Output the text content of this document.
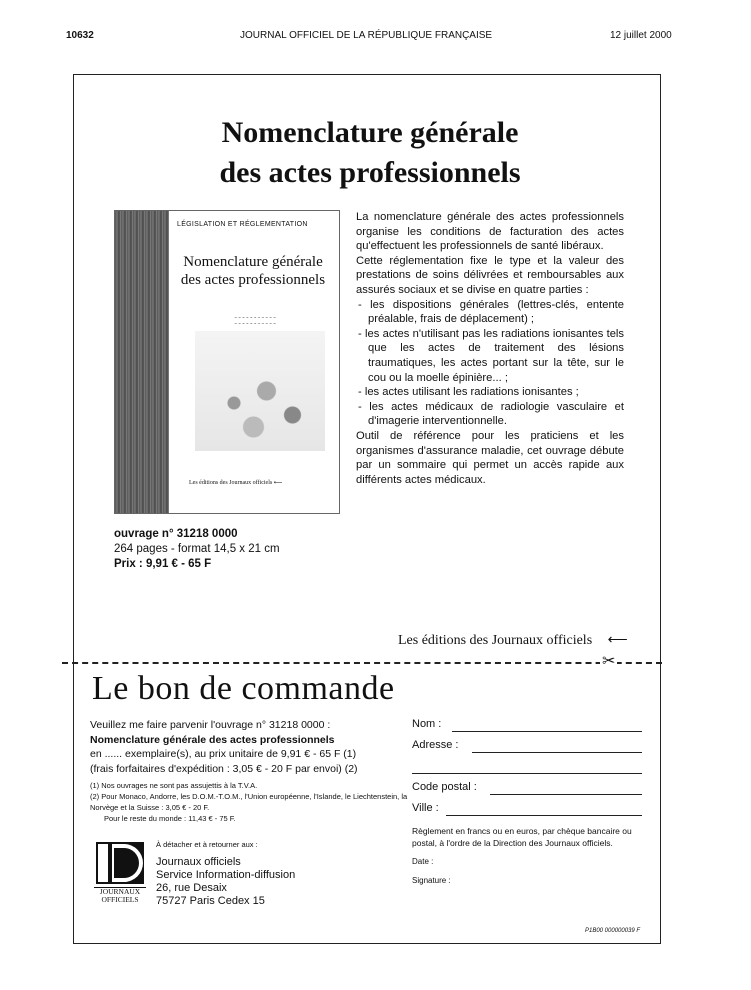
10632	JOURNAL OFFICIEL DE LA RÉPUBLIQUE FRANÇAISE	12 juillet 2000
Nomenclature générale
des actes professionnels
LÉGISLATION ET RÉGLEMENTATION
Nomenclature générale des actes professionnels
~ ~ ~ ~ ~ ~ ~ ~ ~ ~ ~
~ ~ ~ ~ ~ ~ ~ ~ ~ ~ ~
Les éditions des Journaux officiels ⟵

La nomenclature générale des actes professionnels organise les conditions de facturation des actes qu'effectuent les professionnels de santé libéraux.

Cette réglementation fixe le type et la valeur des prestations de soins délivrées et remboursables aux assurés sociaux et se divise en quatre parties :

- les dispositions générales (lettres-clés, entente préalable, frais de déplacement) ;

- les actes n'utilisant pas les radiations ionisantes tels que les actes de traitement des lésions traumatiques, les actes portant sur la tête, sur le cou ou la moelle épinière... ;

- les actes utilisant les radiations ionisantes ;

- les actes médicaux de radiologie vasculaire et d'imagerie interventionnelle.

Outil de référence pour les praticiens et les organismes d'assurance maladie, cet ouvrage débute par un sommaire qui permet un accès rapide aux différents actes médicaux.

ouvrage n° 31218 0000
264 pages - format 14,5 x 21 cm
Prix : 9,91 € - 65 F
Les éditions des Journaux officiels ⟵
✂
Le bon de commande
Veuillez me faire parvenir l'ouvrage n° 31218 0000 :
Nomenclature générale des actes professionnels
en ...... exemplaire(s), au prix unitaire de 9,91 € - 65 F (1)
(frais forfaitaires d'expédition : 3,05 € - 20 F par envoi) (2)
(1) Nos ouvrages ne sont pas assujettis à la T.V.A.
(2) Pour Monaco, Andorre, les D.O.M.-T.O.M., l'Union européenne, l'Islande, le Liechtenstein, la Norvège et la Suisse : 3,05 € - 20 F.
Pour le reste du monde : 11,43 € - 75 F.
JOURNAUX
OFFICIELS
À détacher et à retourner aux :
Journaux officiels
Service Information-diffusion
26, rue Desaix
75727 Paris Cedex 15
Nom :
Adresse :
Code postal :
Ville :
Règlement en francs ou en euros, par chèque bancaire ou postal, à l'ordre de la Direction des Journaux officiels.
Date :
Signature :
P1B00 000000039 F
